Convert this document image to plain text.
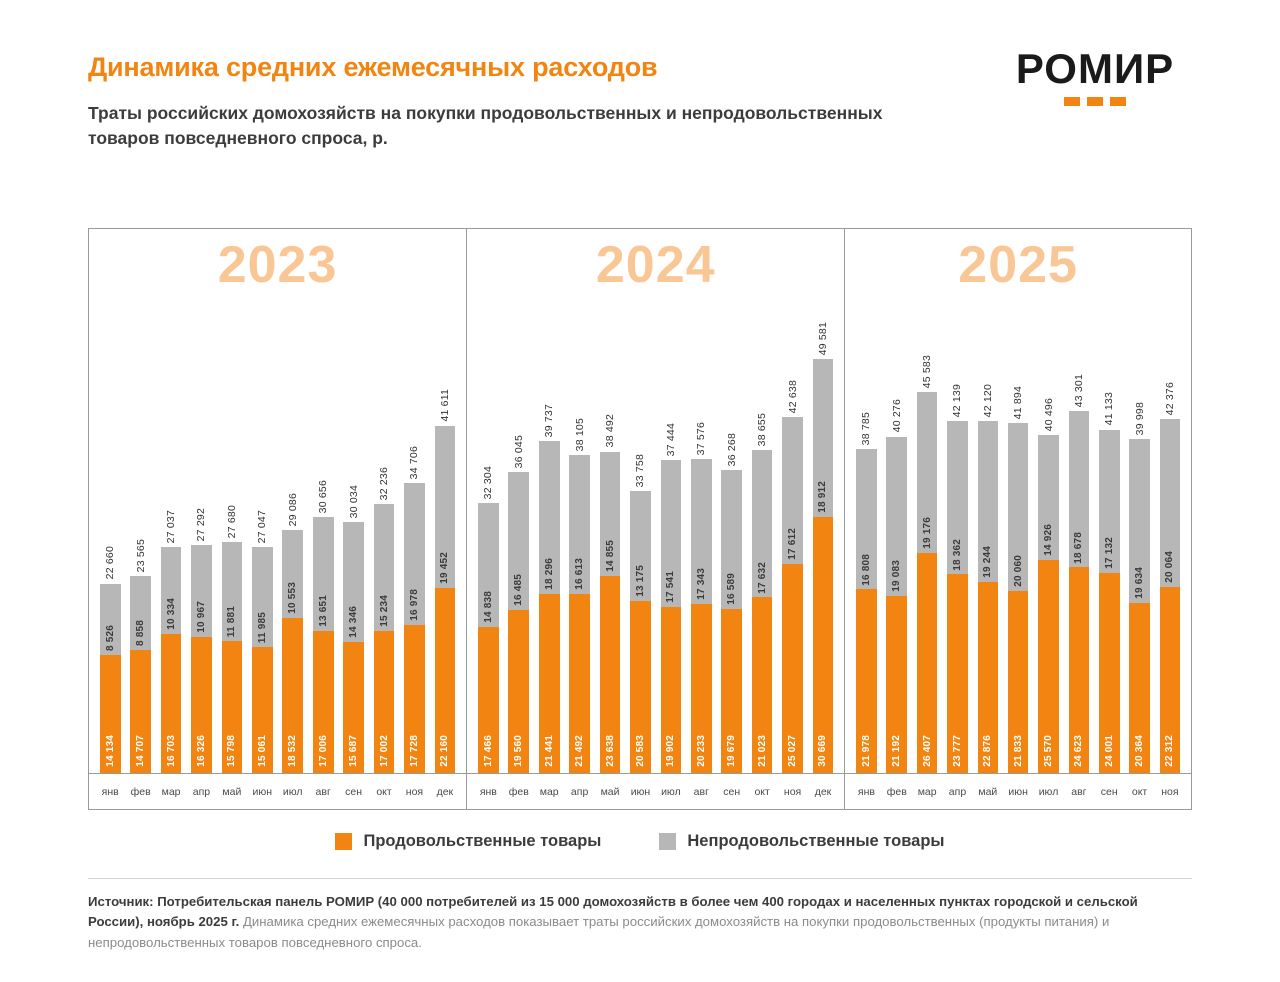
Динамика средних ежемесячных расходов

Траты российских домохозяйств на покупки продовольственных и непродовольственных товаров повседневного спроса, р.

РОМИР
2023
22 660
8 526
14 134
23 565
8 858
14 707
27 037
10 334
16 703
27 292
10 967
16 326
27 680
11 881
15 798
27 047
11 985
15 061
29 086
10 553
18 532
30 656
13 651
17 006
30 034
14 346
15 687
32 236
15 234
17 002
34 706
16 978
17 728
41 611
19 452
22 160
янв	фев	мар	апр	май	июн	июл	авг	сен	окт	ноя	дек
2024
32 304
14 838
17 466
36 045
16 485
19 560
39 737
18 296
21 441
38 105
16 613
21 492
38 492
14 855
23 638
33 758
13 175
20 583
37 444
17 541
19 902
37 576
17 343
20 233
36 268
16 589
19 679
38 655
17 632
21 023
42 638
17 612
25 027
49 581
18 912
30 669
янв	фев	мар	апр	май	июн	июл	авг	сен	окт	ноя	дек
2025
38 785
16 808
21 978
40 276
19 083
21 192
45 583
19 176
26 407
42 139
18 362
23 777
42 120
19 244
22 876
41 894
20 060
21 833
40 496
14 926
25 570
43 301
18 678
24 623
41 133
17 132
24 001
39 998
19 634
20 364
42 376
20 064
22 312
янв	фев	мар	апр	май	июн	июл	авг	сен	окт	ноя
Продовольственные товары	Непродовольственные товары
Источник: Потребительская панель РОМИР (40 000 потребителей из 15 000 домохозяйств в более чем 400 городах и населенных пунктах городской и сельской России), ноябрь 2025 г. Динамика средних ежемесячных расходов показывает траты российских домохозяйств на покупки продовольственных (продукты питания) и непродовольственных товаров повседневного спроса.
